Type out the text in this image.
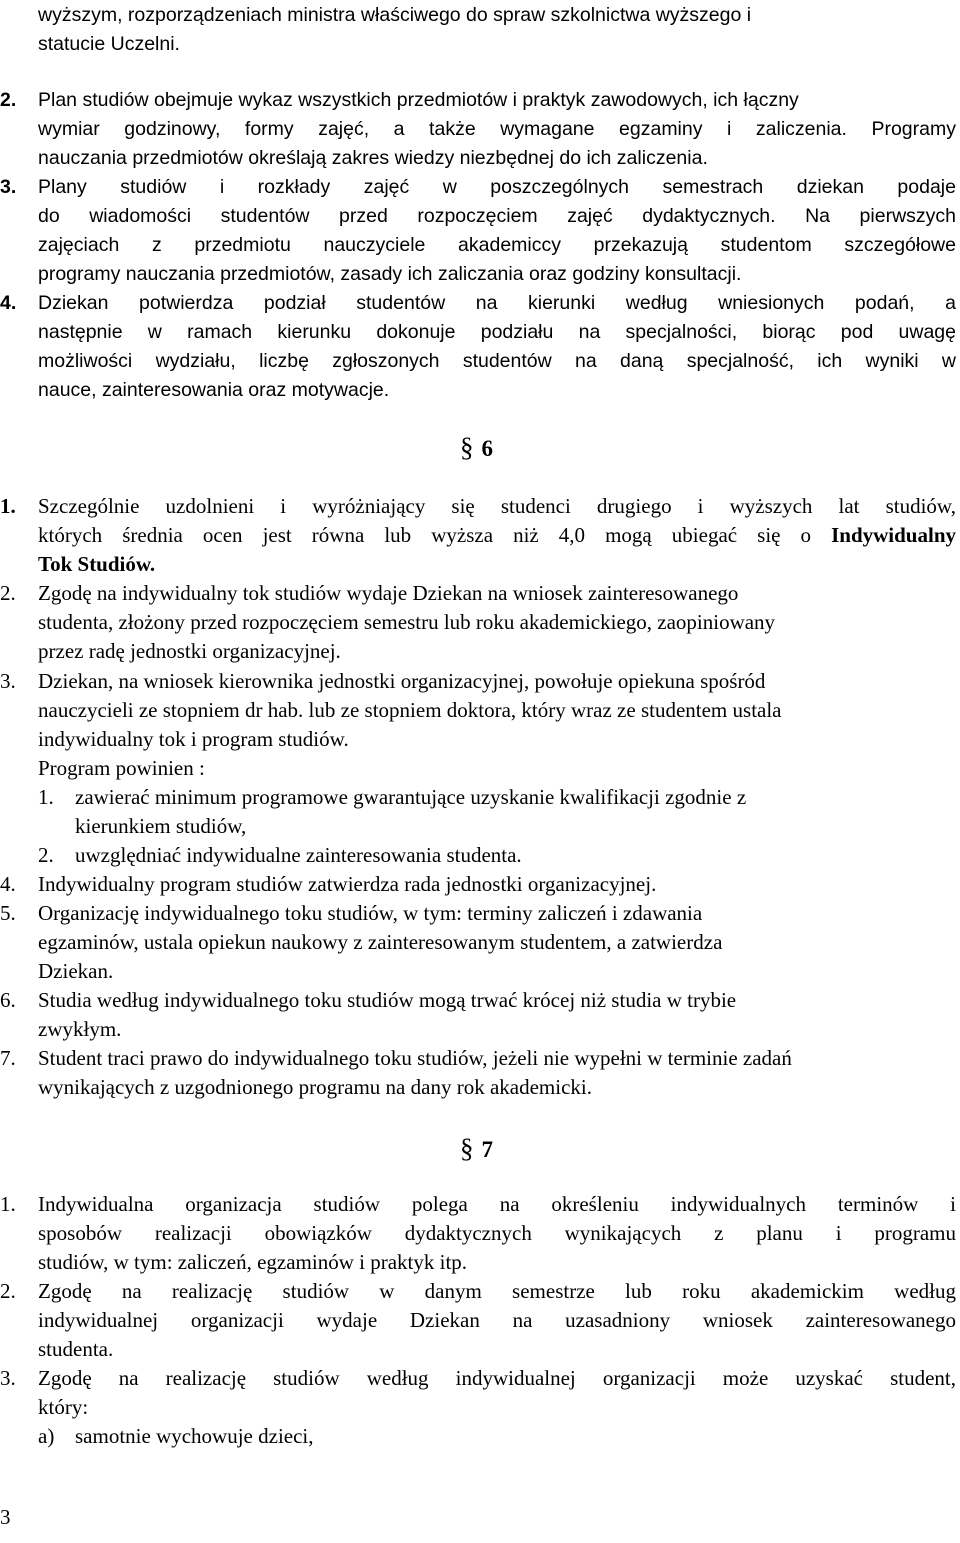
wyższym, rozporządzeniach ministra właściwego do spraw szkolnictwa wyższego i
statucie Uczelni.
2. Plan studiów obejmuje wykaz wszystkich przedmiotów i praktyk zawodowych, ich łączny
wymiar godzinowy, formy zajęć, a także wymagane egzaminy i zaliczenia. Programy
nauczania przedmiotów określają zakres wiedzy niezbędnej do ich zaliczenia.
3. Plany studiów i rozkłady zajęć w poszczególnych semestrach dziekan podaje
do wiadomości studentów przed rozpoczęciem zajęć dydaktycznych. Na pierwszych
zajęciach z przedmiotu nauczyciele akademiccy przekazują studentom szczegółowe
programy nauczania przedmiotów, zasady ich zaliczania oraz godziny konsultacji.
4. Dziekan potwierdza podział studentów na kierunki według wniesionych podań, a
następnie w ramach kierunku dokonuje podziału na specjalności, biorąc pod uwagę
możliwości wydziału, liczbę zgłoszonych studentów na daną specjalność, ich wyniki w
nauce, zainteresowania oraz motywacje.
§ 6
1. Szczególnie uzdolnieni i wyróżniający się studenci drugiego i wyższych lat studiów,
których średnia ocen jest równa lub wyższa niż 4,0 mogą ubiegać się o Indywidualny
Tok Studiów.
2. Zgodę na indywidualny tok studiów wydaje Dziekan na wniosek zainteresowanego
studenta, złożony przed rozpoczęciem semestru lub roku akademickiego, zaopiniowany
przez radę jednostki organizacyjnej.
3. Dziekan, na wniosek kierownika jednostki organizacyjnej, powołuje opiekuna spośród
nauczycieli ze stopniem dr hab. lub ze stopniem doktora, który wraz ze studentem ustala
indywidualny tok i program studiów.
Program powinien :
1. zawierać minimum programowe gwarantujące uzyskanie kwalifikacji zgodnie z
kierunkiem studiów,
2. uwzględniać indywidualne zainteresowania studenta.
4. Indywidualny program studiów zatwierdza rada jednostki organizacyjnej.
5. Organizację indywidualnego toku studiów, w tym: terminy zaliczeń i zdawania
egzaminów, ustala opiekun naukowy z zainteresowanym studentem, a zatwierdza
Dziekan.
6. Studia według indywidualnego toku studiów mogą trwać krócej niż studia w trybie
zwykłym.
7. Student traci prawo do indywidualnego toku studiów, jeżeli nie wypełni w terminie zadań
wynikających z uzgodnionego programu na dany rok akademicki.
§ 7
1. Indywidualna organizacja studiów polega na określeniu indywidualnych terminów i
sposobów realizacji obowiązków dydaktycznych wynikających z planu i programu
studiów, w tym: zaliczeń, egzaminów i praktyk itp.
2. Zgodę na realizację studiów w danym semestrze lub roku akademickim według
indywidualnej organizacji wydaje Dziekan na uzasadniony wniosek zainteresowanego
studenta.
3. Zgodę na realizację studiów według indywidualnej organizacji może uzyskać student,
który:
a) samotnie wychowuje dzieci,
3
